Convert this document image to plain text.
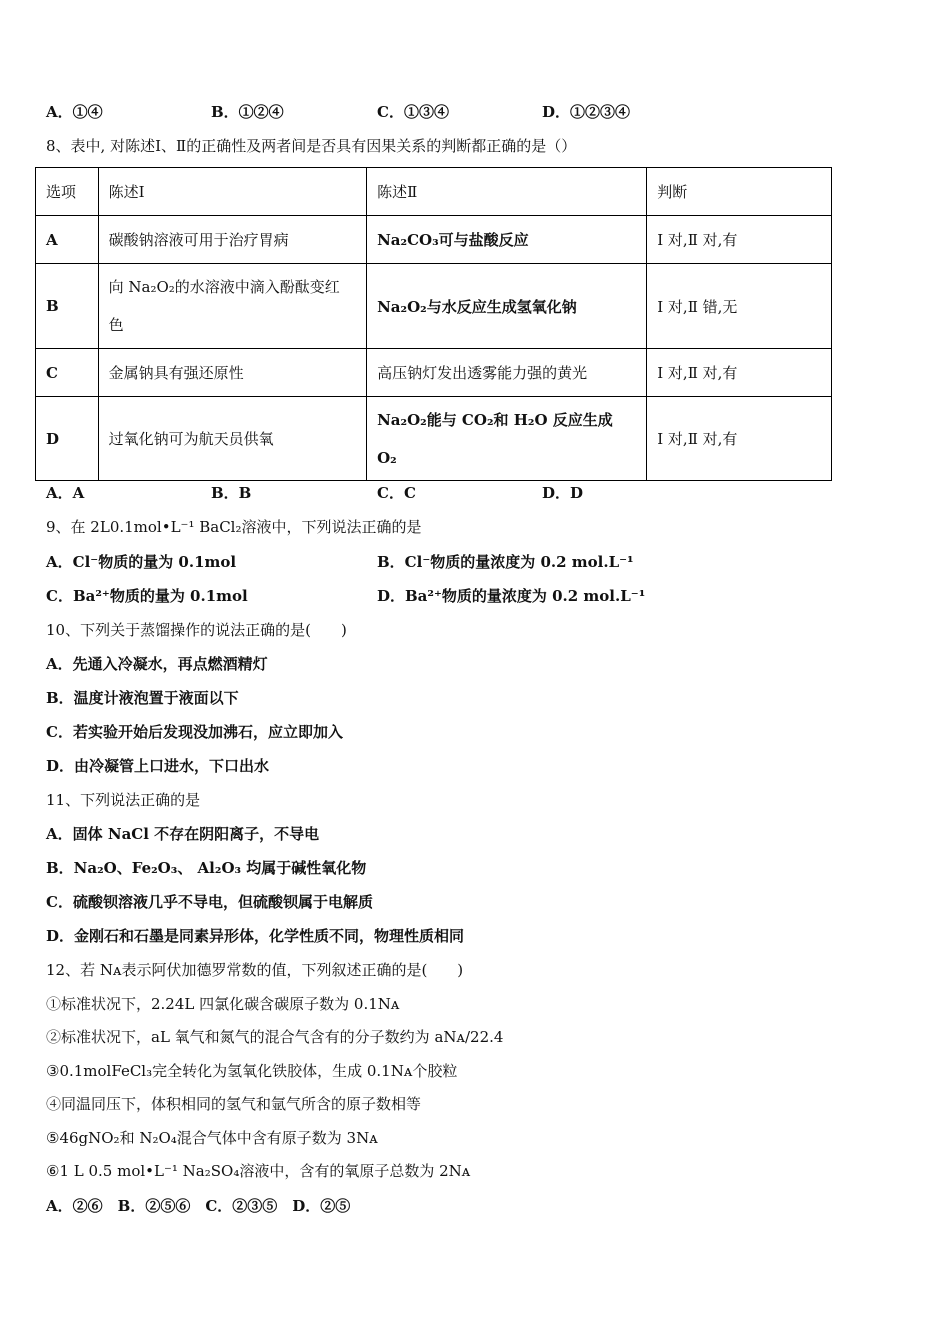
A．①④	B．①②④	C．①③④	D．①②③④
8、表中, 对陈述Ⅰ、Ⅱ的正确性及两者间是否具有因果关系的判断都正确的是（）
选项	陈述Ⅰ	陈述Ⅱ	判断
A	碳酸钠溶液可用于治疗胃病	Na₂CO₃可与盐酸反应	Ⅰ 对,Ⅱ 对,有
B	向 Na₂O₂的水溶液中滴入酚酞变红色	Na₂O₂与水反应生成氢氧化钠	Ⅰ 对,Ⅱ 错,无
C	金属钠具有强还原性	高压钠灯发出透雾能力强的黄光	Ⅰ 对,Ⅱ 对,有
D	过氧化钠可为航天员供氧	Na₂O₂能与 CO₂和 H₂O 反应生成O₂	Ⅰ 对,Ⅱ 对,有
A．A	B．B	C．C	D．D
9、在 2L0.1mol•L⁻¹ BaCl₂溶液中，下列说法正确的是
A．Cl⁻物质的量为 0.1mol	B．Cl⁻物质的量浓度为 0.2 mol.L⁻¹
C．Ba²⁺物质的量为 0.1mol	D．Ba²⁺物质的量浓度为 0.2 mol.L⁻¹
10、下列关于蒸馏操作的说法正确的是(　　)
A．先通入冷凝水，再点燃酒精灯
B．温度计液泡置于液面以下
C．若实验开始后发现没加沸石，应立即加入
D．由冷凝管上口进水，下口出水
11、下列说法正确的是
A．固体 NaCl 不存在阴阳离子，不导电
B．Na₂O、Fe₂O₃、 Al₂O₃ 均属于碱性氧化物
C．硫酸钡溶液几乎不导电，但硫酸钡属于电解质
D．金刚石和石墨是同素异形体，化学性质不同，物理性质相同
12、若 Nᴀ表示阿伏加德罗常数的值，下列叙述正确的是(　　)
①标准状况下，2.24L 四氯化碳含碳原子数为 0.1Nᴀ
②标准状况下，aL 氧气和氮气的混合气含有的分子数约为 aNᴀ/22.4
③0.1molFeCl₃完全转化为氢氧化铁胶体，生成 0.1Nᴀ个胶粒
④同温同压下，体积相同的氢气和氩气所含的原子数相等
⑤46gNO₂和 N₂O₄混合气体中含有原子数为 3Nᴀ
⑥1 L 0.5 mol•L⁻¹ Na₂SO₄溶液中，含有的氧原子总数为 2Nᴀ
A．②⑥　B．②⑤⑥　C．②③⑤　D．②⑤
